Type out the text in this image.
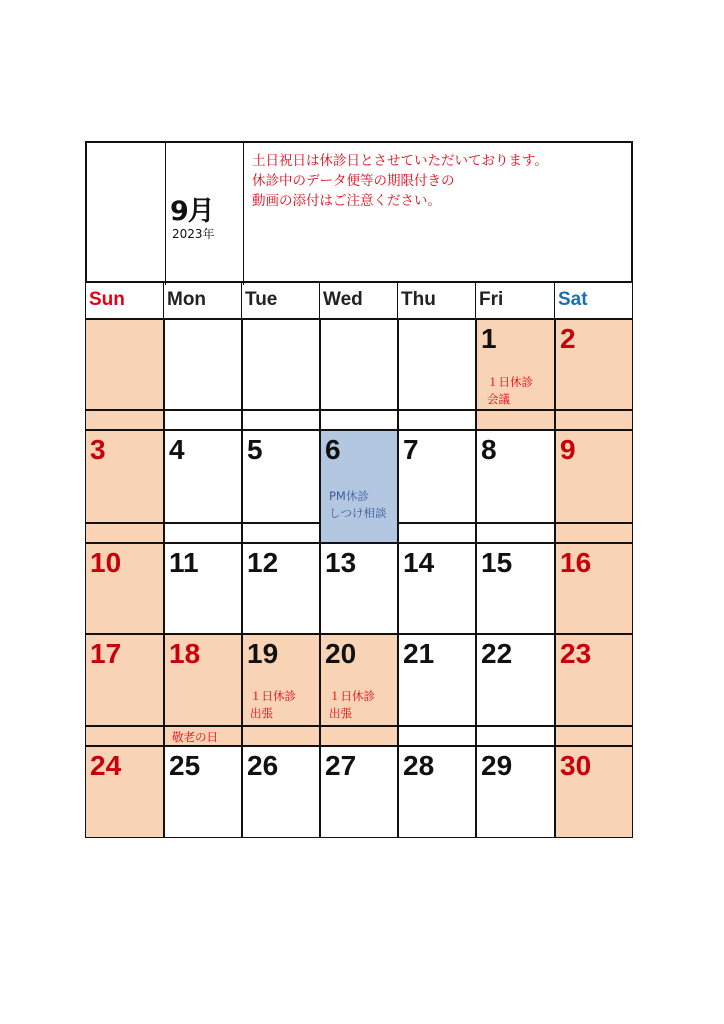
9月
2023年
土日祝日は休診日とさせていただいております。
休診中のデータ便等の期限付きの
動画の添付はご注意ください。
Sun Mon Tue Wed Thu Fri	Sat
1
１日休診
会議
2
3 4 5 6
PM休診
しつけ相談
7 8 9
10 11 12 13 14 15 16
17 18 19
１日休診
出張
20
１日休診
出張
21 22 23
敬老の日
24 25 26 27 28 29 30
